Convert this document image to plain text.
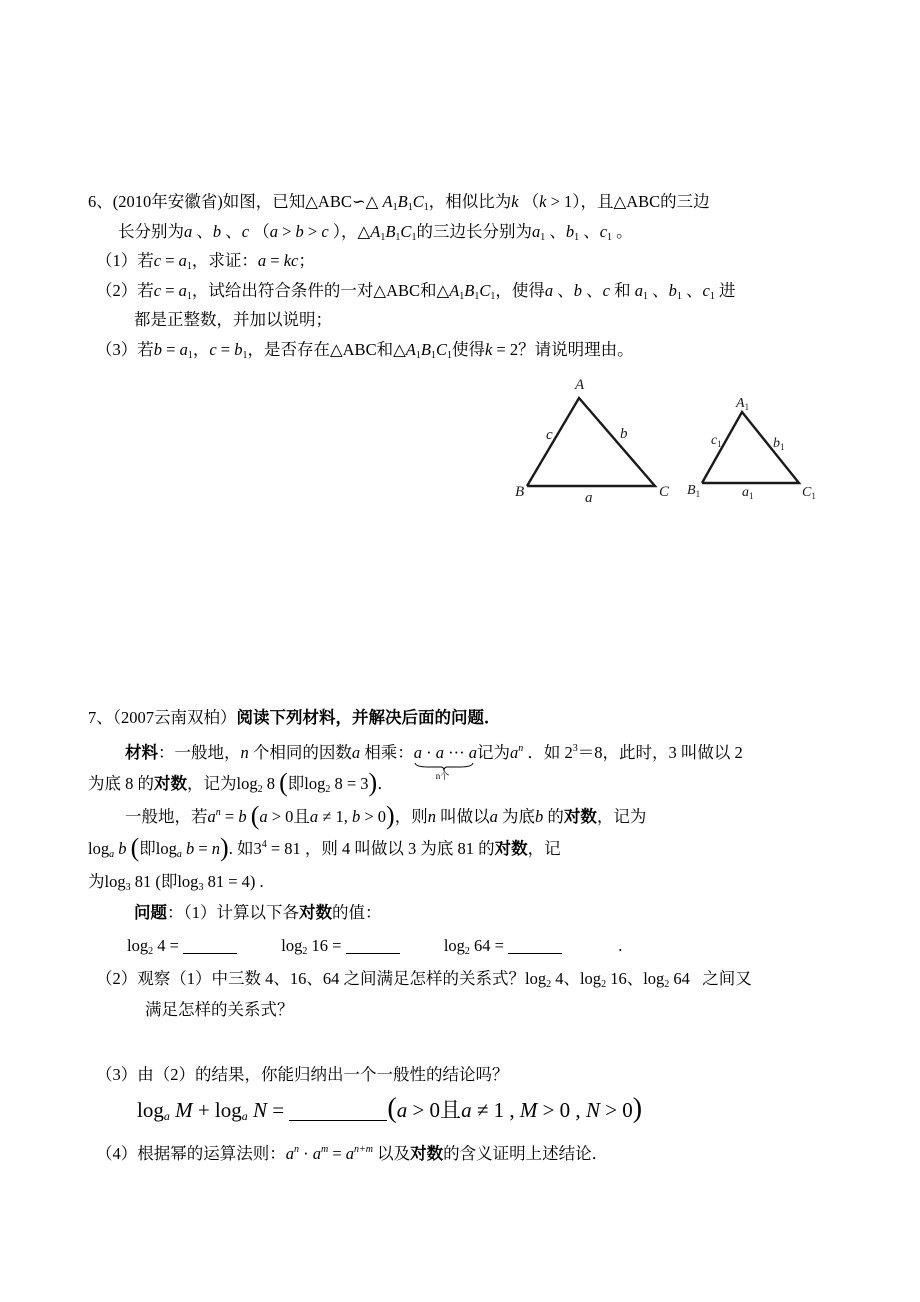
6、(2010年安徽省)如图，已知△ABC∽△ $A_1B_1C_1$，相似比为k （k > 1），且△ABC的三边
长分别为a 、b 、c （a > b > c ），$\triangle A_1B_1C_1$的三边长分别为$a_1$ 、$b_1$ 、$c_1$ 。
（1）若$c = a_1$，求证：a = kc；
（2）若$c = a_1$，试给出符合条件的一对△ABC和$\triangle A_1B_1C_1$，使得a 、b 、c 和 $a_1$ 、$b_1$ 、$c_1$ 进
都是正整数，并加以说明；
（3）若$b = a_1$，$c = b_1$，是否存在△ABC和$\triangle A_1B_1C_1$使得k = 2？请说明理由。
A
B	C
a
b
c
$A_1$
$B_1$	$C_1$
$a_1$
$b_1$
$c_1$
7、（2007云南双柏）阅读下列材料，并解决后面的问题．
材料：一般地，n 个相同的因数a 相乘：a · a ··· a
n个
记为$a^n$ ．如 $2^3=8$，此时，3 叫做以 2
为底 8 的对数，记为$\log_2 8$ (即$\log_2 8 = 3$)．
一般地，若$a^n = b$ (a > 0且a ≠ 1, b > 0)，则n 叫做以a 为底b 的对数，记为
$\log_a b$ (即$\log_a b = n$). 如$3^4 = 81$ ，则 4 叫做以 3 为底 81 的对数，记
为$\log_3 81$ (即$\log_3 81 = 4$) .
问题：（1）计算以下各对数的值：
$\log_2 4$ =	$\log_2 16$ =	$\log_2 64$ =	.
（2）观察（1）中三数 4、16、64 之间满足怎样的关系式？$\log_2 4$、$\log_2 16$、$\log_2 64$   之间又
满足怎样的关系式？
（3）由（2）的结果，你能归纳出一个一般性的结论吗？
$\log_a M + \log_a N$ =	(a > 0且a ≠ 1 , M > 0 , N > 0)
（4）根据幂的运算法则：$a^n \cdot a^m = a^{n+m}$ 以及对数的含义证明上述结论．
